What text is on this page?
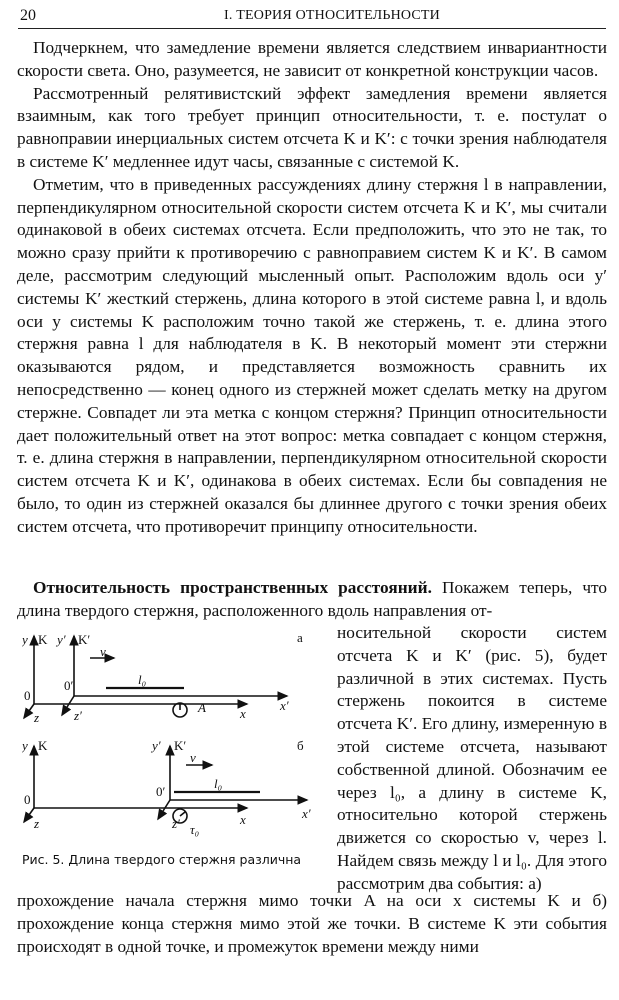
20	I. ТЕОРИЯ ОТНОСИТЕЛЬНОСТИ

Подчеркнем, что замедление времени является следствием инвариантности скорости света. Оно, разумеется, не зависит от конкретной конструкции часов.

Рассмотренный релятивистский эффект замедления времени является взаимным, как того требует принцип относительности, т. е. постулат о равноправии инерциальных систем отсчета K и K′: с точки зрения наблюдателя в системе K′ медленнее идут часы, связанные с системой K.

Отметим, что в приведенных рассуждениях длину стержня l в направлении, перпендикулярном относительной скорости систем отсчета K и K′, мы считали одинаковой в обеих системах отсчета. Если предположить, что это не так, то можно сразу прийти к противоречию с равноправием систем K и K′. В самом деле, рассмотрим следующий мысленный опыт. Расположим вдоль оси y′ системы K′ жесткий стержень, длина которого в этой системе равна l, и вдоль оси y системы K расположим точно такой же стержень, т. е. длина этого стержня равна l для наблюдателя в K. В некоторый момент эти стержни оказываются рядом, и представляется возможность сравнить их непосредственно — конец одного из стержней может сделать метку на другом стержне. Совпадет ли эта метка с концом стержня? Принцип относительности дает положительный ответ на этот вопрос: метка совпадает с концом стержня, т. е. длина стержня в направлении, перпендикулярном относительной скорости систем отсчета K и K′, одинакова в обеих системах. Если бы совпадения не было, то один из стержней оказался бы длиннее другого с точки зрения обеих систем отсчета, что противоречит принципу относительности.

Относительность пространственных расстояний. Покажем теперь, что длина твердого стержня, расположенного вдоль направления от-

y K y′ K′	а
v
l₀
0
0′
A	x
x′
z	z′
y K	y′ K′	б
v
l₀
0
0′
τ₀
x	x′
z	z′
Рис. 5. Длина твердого стержня различна

носительной скорости систем отсчета K и K′ (рис. 5), будет различной в этих системах. Пусть стержень покоится в системе отсчета K′. Его длину, измеренную в этой системе отсчета, называют собственной длиной. Обозначим ее через l₀, а длину в системе K, относительно которой стержень движется со скоростью v, через l. Найдем связь между l и l₀. Для этого рассмотрим два события: а)

прохождение начала стержня мимо точки A на оси x системы K и б) прохождение конца стержня мимо этой же точки. В системе K эти события происходят в одной точке, и промежуток времени между ними
